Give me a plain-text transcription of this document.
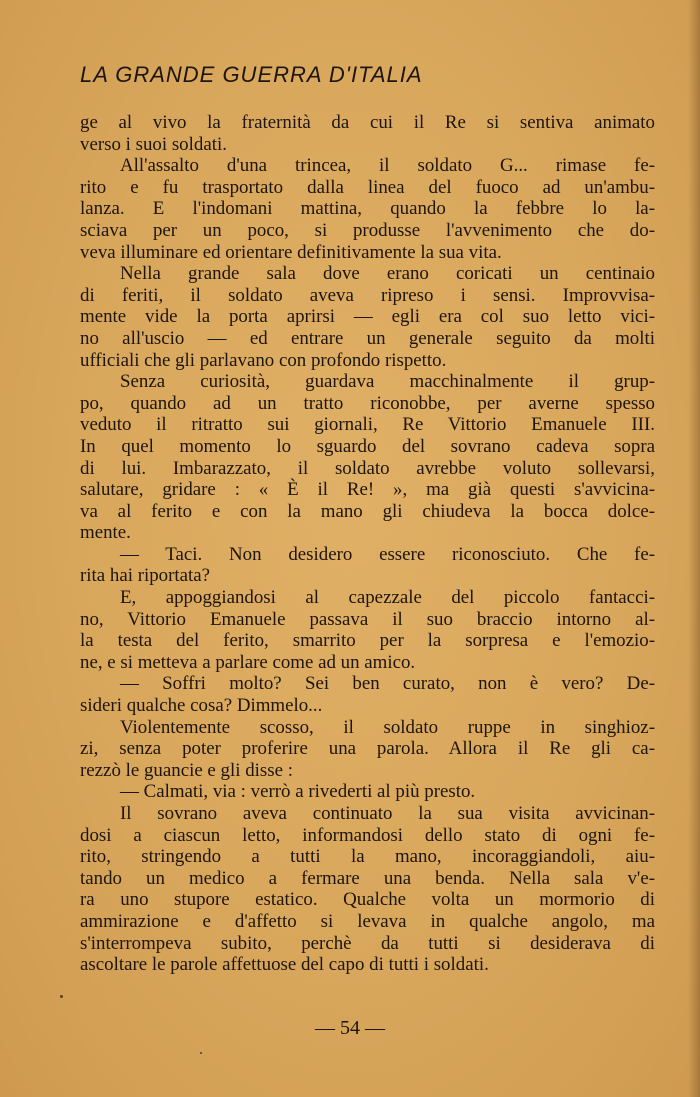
LA GRANDE GUERRA D'ITALIA
ge al vivo la fraternità da cui il Re si sentiva animato
verso i suoi soldati.
All'assalto d'una trincea, il soldato G... rimase fe-
rito e fu trasportato dalla linea del fuoco ad un'ambu-
lanza. E l'indomani mattina, quando la febbre lo la-
sciava per un poco, si produsse l'avvenimento che do-
veva illuminare ed orientare definitivamente la sua vita.
Nella grande sala dove erano coricati un centinaio
di feriti, il soldato aveva ripreso i sensi. Improvvisa-
mente vide la porta aprirsi — egli era col suo letto vici-
no all'uscio — ed entrare un generale seguito da molti
ufficiali che gli parlavano con profondo rispetto.
Senza curiosità, guardava macchinalmente il grup-
po, quando ad un tratto riconobbe, per averne spesso
veduto il ritratto sui giornali, Re Vittorio Emanuele III.
In quel momento lo sguardo del sovrano cadeva sopra
di lui. Imbarazzato, il soldato avrebbe voluto sollevarsi,
salutare, gridare : « È il Re! », ma già questi s'avvicina-
va al ferito e con la mano gli chiudeva la bocca dolce-
mente.
— Taci. Non desidero essere riconosciuto. Che fe-
rita hai riportata?
E, appoggiandosi al capezzale del piccolo fantacci-
no, Vittorio Emanuele passava il suo braccio intorno al-
la testa del ferito, smarrito per la sorpresa e l'emozio-
ne, e si metteva a parlare come ad un amico.
— Soffri molto? Sei ben curato, non è vero? De-
sideri qualche cosa? Dimmelo...
Violentemente scosso, il soldato ruppe in singhioz-
zi, senza poter proferire una parola. Allora il Re gli ca-
rezzò le guancie e gli disse :
— Calmati, via : verrò a rivederti al più presto.
Il sovrano aveva continuato la sua visita avvicinan-
dosi a ciascun letto, informandosi dello stato di ogni fe-
rito, stringendo a tutti la mano, incoraggiandoli, aiu-
tando un medico a fermare una benda. Nella sala v'e-
ra uno stupore estatico. Qualche volta un mormorio di
ammirazione e d'affetto si levava in qualche angolo, ma
s'interrompeva subito, perchè da tutti si desiderava di
ascoltare le parole affettuose del capo di tutti i soldati.

— 54 —
